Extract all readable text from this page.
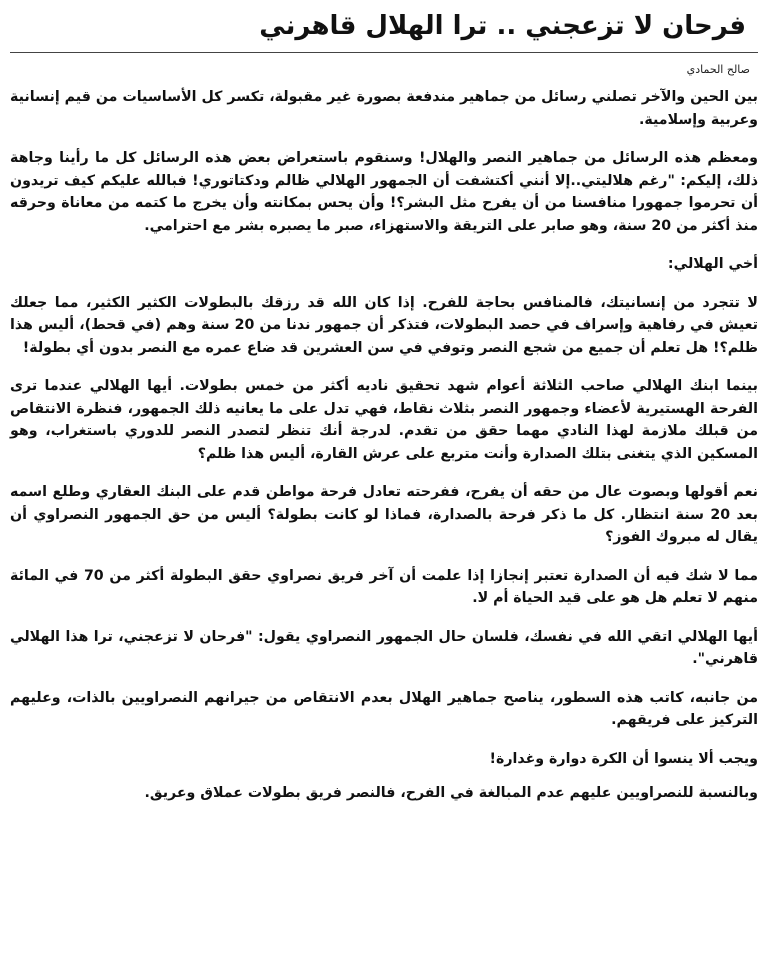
فرحان لا تزعجني .. ترا الهلال قاهرني
صالح الحمادي

بين الحين والآخر تصلني رسائل من جماهير مندفعة بصورة غير مقبولة، تكسر كل الأساسيات من قيم إنسانية وعربية وإسلامية.

ومعظم هذه الرسائل من جماهير النصر والهلال! وسنقوم باستعراض بعض هذه الرسائل كل ما رأينا وجاهة ذلك، إليكم: "رغم هلاليتي..إلا أنني أكتشفت أن الجمهور الهلالي ظالم ودكتاتوري! فبالله عليكم كيف تريدون أن تحرموا جمهورا منافسنا من أن يفرح مثل البشر؟! وأن يحس بمكانته وأن يخرج ما كتمه من معاناة وحرقه منذ أكثر من 20 سنة، وهو صابر على التريقة والاستهزاء، صبر ما يصبره بشر مع احترامي.

أخي الهلالي:

لا تتجرد من إنسانيتك، فالمنافس بحاجة للفرح. إذا كان الله قد رزقك بالبطولات الكثير الكثير، مما جعلك تعيش في رفاهية وإسراف في حصد البطولات، فتذكر أن جمهور ندنا من 20 سنة وهم (في قحط)، أليس هذا ظلم؟! هل تعلم أن جميع من شجع النصر وتوفي في سن العشرين قد ضاع عمره مع النصر بدون أي بطولة!

بينما ابنك الهلالي صاحب الثلاثة أعوام شهد تحقيق ناديه أكثر من خمس بطولات. أيها الهلالي عندما ترى الفرحة الهستيرية لأعضاء وجمهور النصر بثلاث نقاط، فهي تدل على ما يعانيه ذلك الجمهور، فنظرة الانتقاص من قبلك ملازمة لهذا النادي مهما حقق من تقدم. لدرجة أنك تنظر لتصدر النصر للدوري باستغراب، وهو المسكين الذي يتغنى بتلك الصدارة وأنت متربع على عرش القارة، أليس هذا ظلم؟

نعم أقولها وبصوت عال من حقه أن يفرح، ففرحته تعادل فرحة مواطن قدم على البنك العقاري وطلع اسمه بعد 20 سنة انتظار. كل ما ذكر فرحة بالصدارة، فماذا لو كانت بطولة؟ أليس من حق الجمهور النصراوي أن يقال له مبروك الفوز؟

مما لا شك فيه أن الصدارة تعتبر إنجازا إذا علمت أن آخر فريق نصراوي حقق البطولة أكثر من 70 في المائة منهم لا تعلم هل هو على قيد الحياة أم لا.

أيها الهلالي اتقي الله في نفسك، فلسان حال الجمهور النصراوي يقول: "فرحان لا تزعجني، ترا هذا الهلالي قاهرني".

من جانبه، كاتب هذه السطور، يناصح جماهير الهلال بعدم الانتقاص من جيرانهم النصراويين بالذات، وعليهم التركيز على فريقهم.

ويجب ألا ينسوا أن الكرة دوارة وغدارة!

وبالنسبة للنصراويين عليهم عدم المبالغة في الفرح، فالنصر فريق بطولات عملاق وعريق.
